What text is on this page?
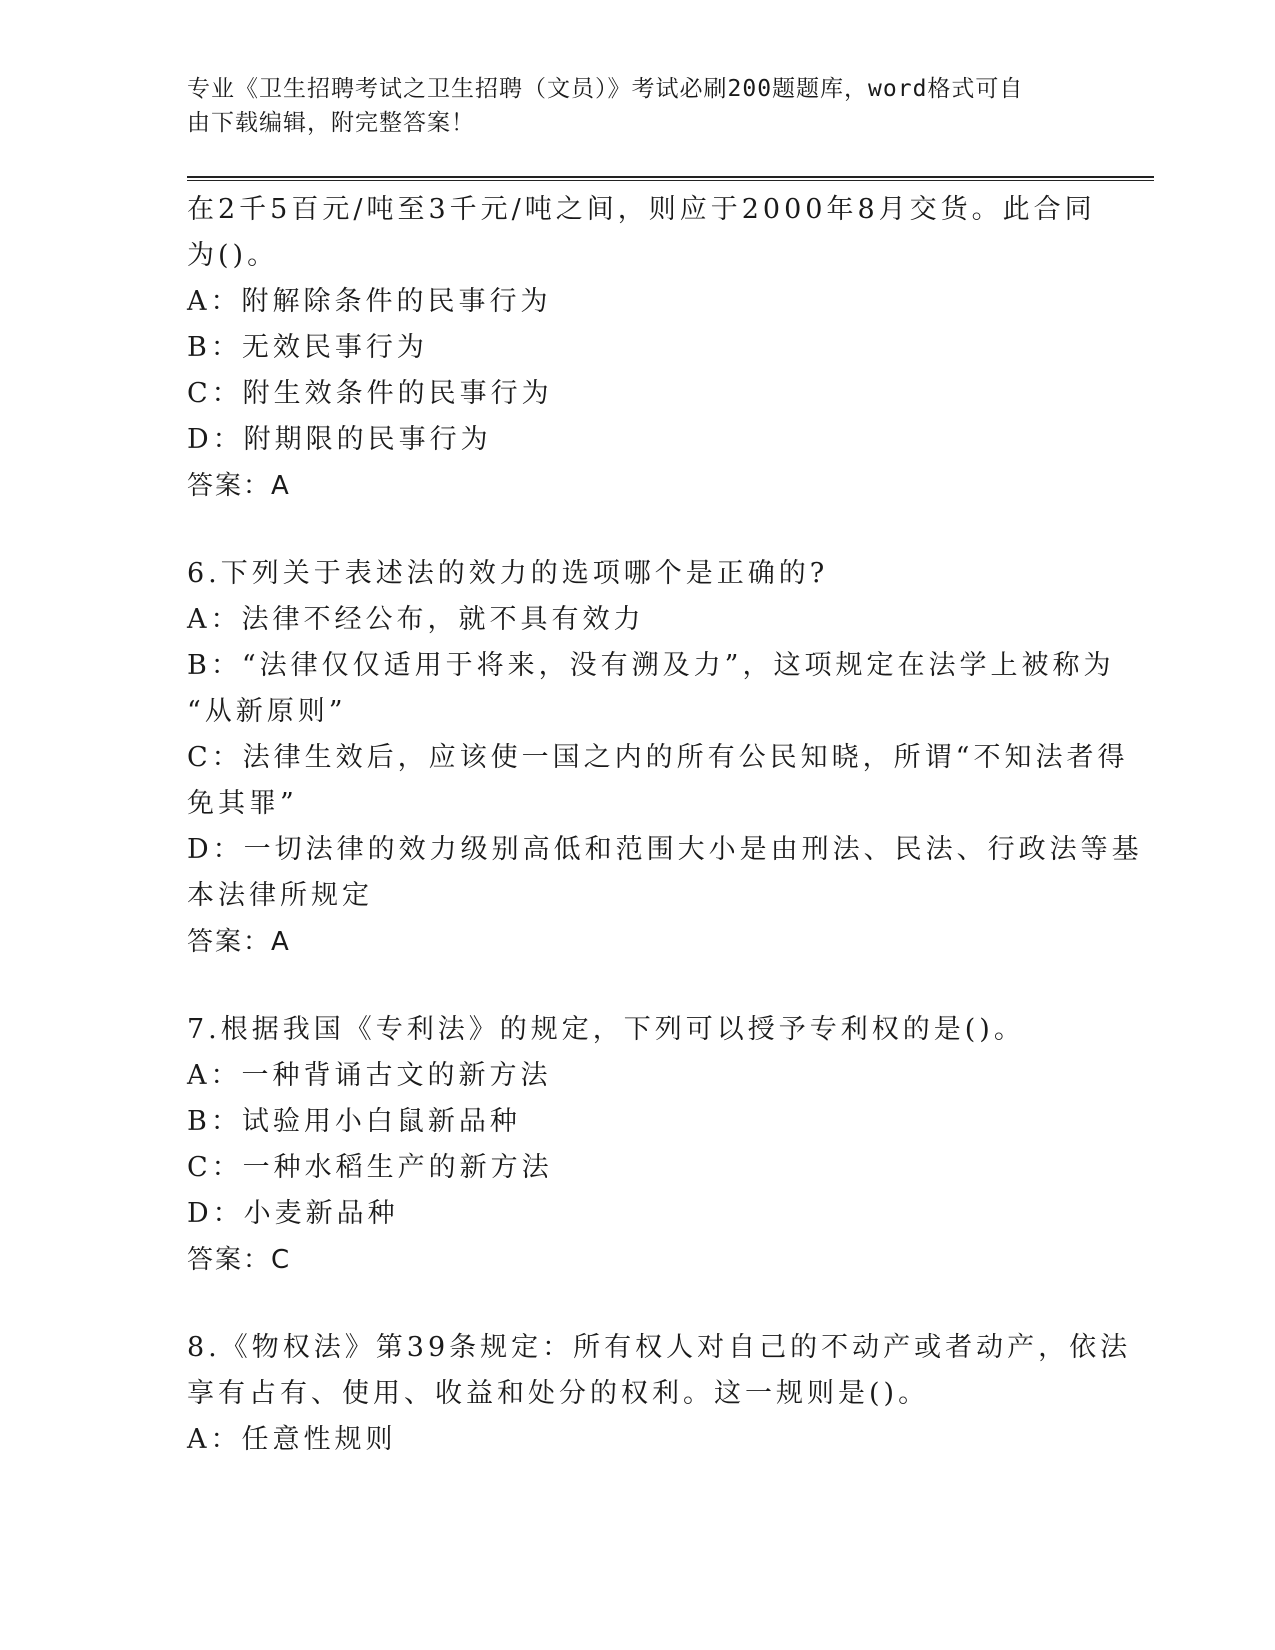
专业《卫生招聘考试之卫生招聘（文员）》考试必刷200题题库，word格式可自
由下载编辑，附完整答案！
在2千5百元/吨至3千元/吨之间，则应于2000年8月交货。此合同
为()。
A：附解除条件的民事行为
B：无效民事行为
C：附生效条件的民事行为
D：附期限的民事行为
答案：A
6.下列关于表述法的效力的选项哪个是正确的?
A：法律不经公布，就不具有效力
B：“法律仅仅适用于将来，没有溯及力”，这项规定在法学上被称为
“从新原则”
C：法律生效后，应该使一国之内的所有公民知晓，所谓“不知法者得
免其罪”
D：一切法律的效力级别高低和范围大小是由刑法、民法、行政法等基
本法律所规定
答案：A
7.根据我国《专利法》的规定，下列可以授予专利权的是()。
A：一种背诵古文的新方法
B：试验用小白鼠新品种
C：一种水稻生产的新方法
D：小麦新品种
答案：C
8.《物权法》第39条规定：所有权人对自己的不动产或者动产，依法
享有占有、使用、收益和处分的权利。这一规则是()。
A：任意性规则
